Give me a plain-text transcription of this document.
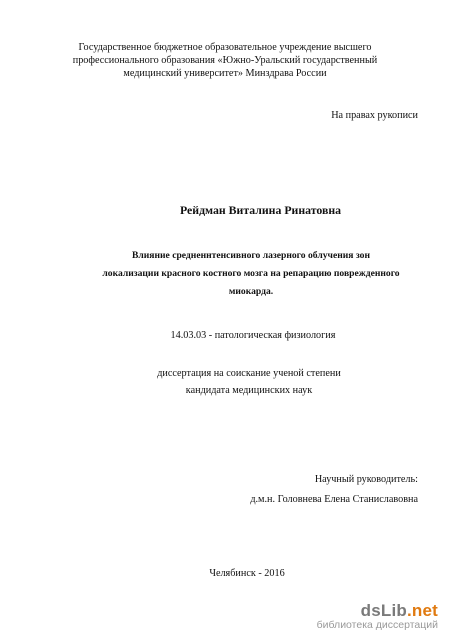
Государственное бюджетное образовательное учреждение высшего
профессионального образования «Южно-Уральский государственный
медицинский университет» Минздрава России
На правах рукописи
Рейдман Виталина Ринатовна
Влияние средненнтенсивного лазерного облучения зон
локализации красного костного мозга на репарацию поврежденного
миокарда.
14.03.03 - патологическая физиология
диссертация на соискание ученой степени
кандидата медицинских наук
Научный руководитель:
д.м.н. Головнева Елена Станиславовна
Челябинск - 2016
dsLib.net
библиотека диссертаций
